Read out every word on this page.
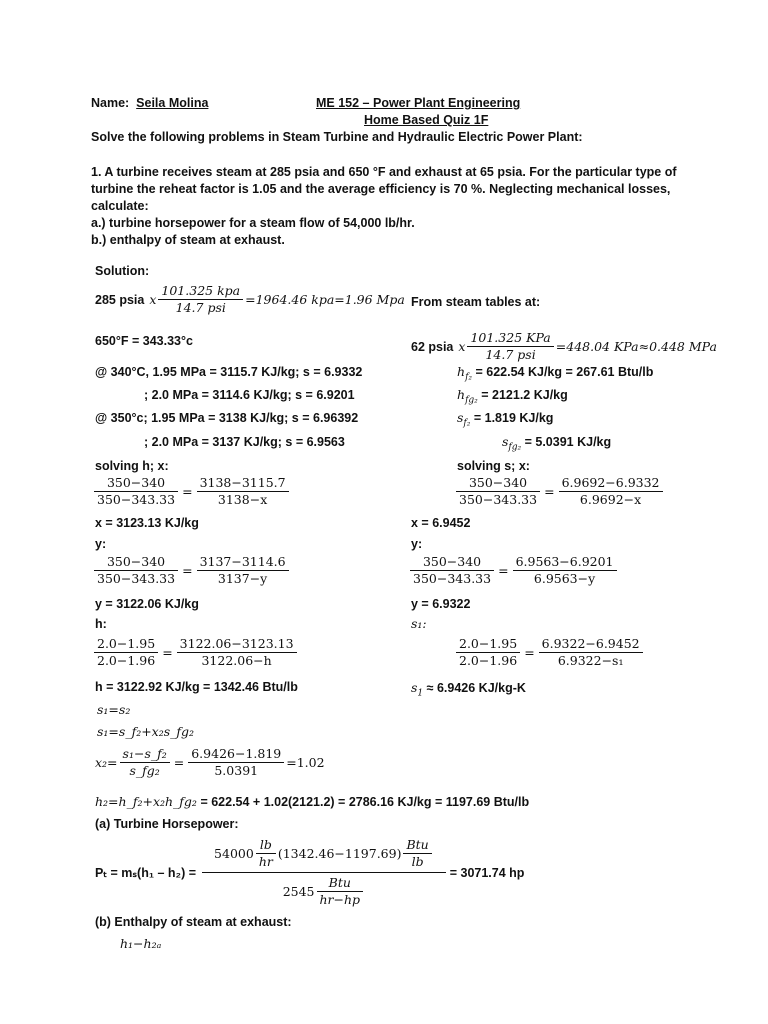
Name: Seila Molina	ME 152 – Power Plant Engineering
Home Based Quiz 1F
Solve the following problems in Steam Turbine and Hydraulic Electric Power Plant:
1. A turbine receives steam at 285 psia and 650 °F and exhaust at 65 psia. For the particular type of
turbine the reheat factor is 1.05 and the average efficiency is 70 %. Neglecting mechanical losses,
calculate:
a.) turbine horsepower for a steam flow of 54,000 lb/hr.
b.) enthalpy of steam at exhaust.
Solution:
285 psia x $\frac{\text{101.325 kpa}}{\text{14.7 psi}} =1964.46$ kpa=1.96 Mpa
650°F = 343.33°c
@ 340°C, 1.95 MPa = 3115.7 KJ/kg; s = 6.9332
; 2.0 MPa = 3114.6 KJ/kg; s = 6.9201
@ 350°c; 1.95 MPa = 3138 KJ/kg; s = 6.96392
; 2.0 MPa = 3137 KJ/kg; s = 6.9563
solving h; x:
$\frac{350-340}{350-343.33} = \frac{3138-3115.7}{3138-x}$
x = 3123.13 KJ/kg
y:
$\frac{350-340}{350-343.33} = \frac{3137-3114.6}{3137-y}$
y = 3122.06 KJ/kg
h:
$\frac{2.0-1.95}{2.0-1.96} = \frac{3122.06-3123.13}{3122.06-h}$
h = 3122.92 KJ/kg = 1342.46 Btu/lb
s₁=s₂
s₁=s_f₂+x₂s_fg₂
$x_2= \frac{\text{s₁−s\_f₂}}{\text{s\_fg₂}} = \frac{6.9426-1.819}{5.0391} =1.02$
h₂=h_f₂+x₂h_fg₂ = 622.54 + 1.02(2121.2) = 2786.16 KJ/kg = 1197.69 Btu/lb
(a) Turbine Horsepower:
Pₜ = mₛ(h₁ – h₂) =
$54000 \frac{lb}{hr} (1342.46-1197.69) \frac{\text{Btu}}{lb}$
$2545 \frac{\text{Btu}}{hr-hp}$
= 3071.74 hp
(b) Enthalpy of steam at exhaust:
h₁−h₂ₐ
From steam tables at:
62 psia x $\frac{\text{101.325 KPa}}{\text{14.7 psi}} =448.04$ KPa≈0.448 MPa
$h_{f_2} = 622.54$ KJ/kg = 267.61 Btu/lb
$h_{fg_2} = 2121.2$ KJ/kg
$s_{f_2} = 1.819$ KJ/kg
$s_{fg_2} = 5.0391$ KJ/kg
solving s; x:
$\frac{350-340}{350-343.33} = \frac{6.9692-6.9332}{6.9692-x}$
x = 6.9452
y:
$\frac{350-340}{350-343.33} = \frac{6.9563-6.9201}{6.9563-y}$
y = 6.9322
s₁:
$\frac{2.0-1.95}{2.0-1.96} = \frac{6.9322-6.9452}{\text{6.9322−s₁}}$
$s_1 \approx 6.9426$ KJ/kg-K
